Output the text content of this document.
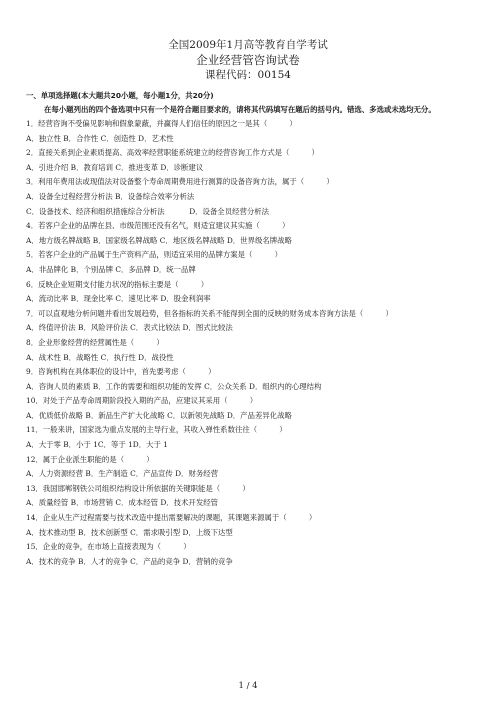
全国2009年1月高等教育自学考试
企业经营管咨询试卷
课程代码：00154
一、单项选择题(本大题共20小题，每小题1分，共20分)
在每小题列出的四个备选项中只有一个是符合题目要求的，请将其代码填写在题后的括号内。错选、多选或未选均无分。
1．经营咨询不受偏见影响和假象蒙蔽，并赢得人们信任的原因之一是其（　　　）
A．独立性 B．合作性 C．创造性 D．艺术性
2．直接关系到企业素质提高、高效率经营职能系统建立的经营咨询工作方式是（　　　）
A．引进介绍 B．教育培训 C．推进变革 D．诊断建议
3．利用年费用法或现值法对设备整个寿命周期费用进行测算的设备咨询方法，属于（　　　）
A．设备全过程经营分析法 B．设备综合效率分析法
C．设备技术、经济和组织措施综合分析法　　　 D．设备全员经营分析法
4．若客户企业的品牌在县、市级范围还没有名气，则适宜建议其实施（　　　）
A．地方级名牌战略 B．国家级名牌战略 C．地区级名牌战略 D．世界级名牌战略
5．若客户企业的产品属于生产资料产品，则适宜采用的品牌方案是（　　　）
A．非品牌化 B．个别品牌 C．多品牌 D．统一品牌
6．反映企业短期支付能力状况的指标主要是（　　　）
A．流动比率 B．现金比率 C．速见比率 D．股金利润率
7．可以直观地分析问题并看出发展趋势，但各指标的关系不能得到全面的反映的财务成本咨询方法是（　　　）
A．终值评价法 B．风险评价法 C．表式比较法 D．图式比较法
8．企业形象经营的经营属性是（　　　）
A．战术性 B．战略性 C．执行性 D．战役性
9．咨询机构在具体职位的设计中，首先要考虑（　　　）
A．咨询人员的素质 B．工作的需要和组织功能的发挥 C．公众关系 D．组织内的心理结构
10．对处于产品寿命周期阶段投入期的产品，应建议其采用（　　　）
A．优质低价战略 B．新品生产扩大化战略 C．以新领先战略 D．产品差异化战略
11．一般来讲，国家选为重点发展的主导行业，其收入弹性系数往往（　　　）
A．大于零 B．小于 1C．等于 1D．大于 1
12．属于企业派生职能的是（　　　）
A．人力资源经营 B．生产制造 C．产品宣传 D．财务经营
13．我国邯郸钢铁公司组织结构设计所依据的关键职能是（　　　）
A．质量经管 B．市场营销 C．成本经管 D．技术开发经管
14．企业从生产过程需要与技术改造中提出需要解决的课题，其课题来源属于（　　　）
A．技术推动型 B．技术创新型 C．需求吸引型 D．上级下达型
15．企业的竞争，在市场上直接表现为（　　　）
A．技术的竞争 B．人才的竞争 C．产品的竞争 D．营销的竞争
1 / 4
